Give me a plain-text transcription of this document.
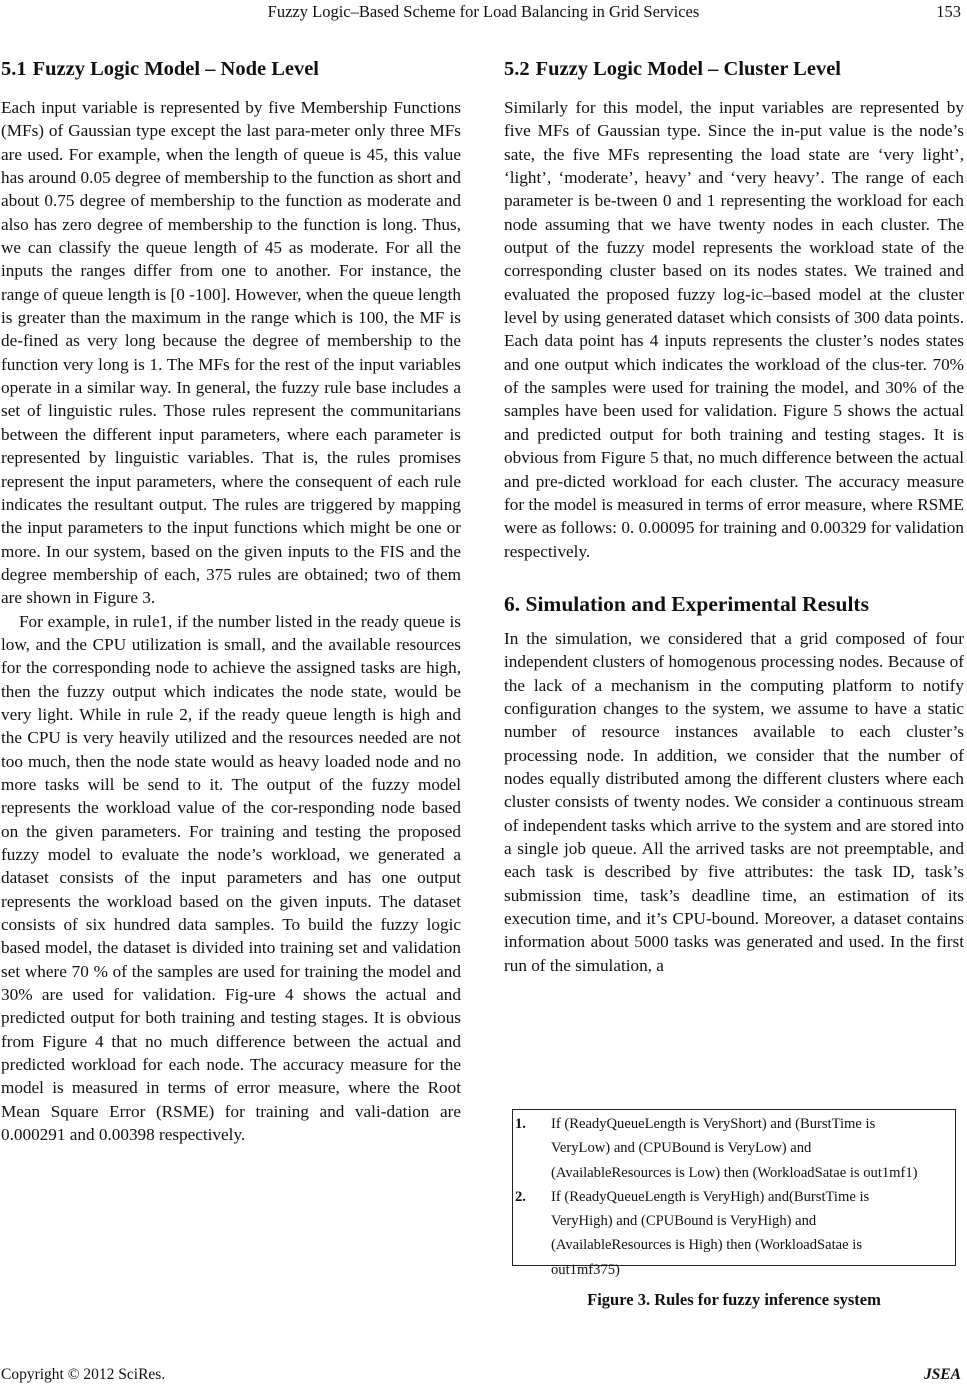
Fuzzy Logic–Based Scheme for Load Balancing in Grid Services	153
5.1 Fuzzy Logic Model – Node Level

Each input variable is represented by five Membership Functions (MFs) of Gaussian type except the last para-meter only three MFs are used. For example, when the length of queue is 45, this value has around 0.05 degree of membership to the function as short and about 0.75 degree of membership to the function as moderate and also has zero degree of membership to the function is long. Thus, we can classify the queue length of 45 as moderate. For all the inputs the ranges differ from one to another. For instance, the range of queue length is [0 -100]. However, when the queue length is greater than the maximum in the range which is 100, the MF is de-fined as very long because the degree of membership to the function very long is 1. The MFs for the rest of the input variables operate in a similar way. In general, the fuzzy rule base includes a set of linguistic rules. Those rules represent the communitarians between the different input parameters, where each parameter is represented by linguistic variables. That is, the rules promises represent the input parameters, where the consequent of each rule indicates the resultant output. The rules are triggered by mapping the input parameters to the input functions which might be one or more. In our system, based on the given inputs to the FIS and the degree membership of each, 375 rules are obtained; two of them are shown in Figure 3.

For example, in rule1, if the number listed in the ready queue is low, and the CPU utilization is small, and the available resources for the corresponding node to achieve the assigned tasks are high, then the fuzzy output which indicates the node state, would be very light. While in rule 2, if the ready queue length is high and the CPU is very heavily utilized and the resources needed are not too much, then the node state would as heavy loaded node and no more tasks will be send to it. The output of the fuzzy model represents the workload value of the cor-responding node based on the given parameters. For training and testing the proposed fuzzy model to evaluate the node’s workload, we generated a dataset consists of the input parameters and has one output represents the workload based on the given inputs. The dataset consists of six hundred data samples. To build the fuzzy logic based model, the dataset is divided into training set and validation set where 70 % of the samples are used for training the model and 30% are used for validation. Fig-ure 4 shows the actual and predicted output for both training and testing stages. It is obvious from Figure 4 that no much difference between the actual and predicted workload for each node. The accuracy measure for the model is measured in terms of error measure, where the Root Mean Square Error (RSME) for training and vali-dation are 0.000291 and 0.00398 respectively.

5.2 Fuzzy Logic Model – Cluster Level

Similarly for this model, the input variables are represented by five MFs of Gaussian type. Since the in-put value is the node’s sate, the five MFs representing the load state are ‘very light’, ‘light’, ‘moderate’, heavy’ and ‘very heavy’. The range of each parameter is be-tween 0 and 1 representing the workload for each node assuming that we have twenty nodes in each cluster. The output of the fuzzy model represents the workload state of the corresponding cluster based on its nodes states. We trained and evaluated the proposed fuzzy log-ic–based model at the cluster level by using generated dataset which consists of 300 data points. Each data point has 4 inputs represents the cluster’s nodes states and one output which indicates the workload of the clus-ter. 70% of the samples were used for training the model, and 30% of the samples have been used for validation. Figure 5 shows the actual and predicted output for both training and testing stages. It is obvious from Figure 5 that, no much difference between the actual and pre-dicted workload for each cluster. The accuracy measure for the model is measured in terms of error measure, where RSME were as follows: 0. 0.00095 for training and 0.00329 for validation respectively.

6. Simulation and Experimental Results

In the simulation, we considered that a grid composed of four independent clusters of homogenous processing nodes. Because of the lack of a mechanism in the computing platform to notify configuration changes to the system, we assume to have a static number of resource instances available to each cluster’s processing node. In addition, we consider that the number of nodes equally distributed among the different clusters where each cluster consists of twenty nodes. We consider a continuous stream of independent tasks which arrive to the system and are stored into a single job queue. All the arrived tasks are not preemptable, and each task is described by five attributes: the task ID, task’s submission time, task’s deadline time, an estimation of its execution time, and it’s CPU-bound. Moreover, a dataset contains information about 5000 tasks was generated and used. In the first run of the simulation, a

1.	If (ReadyQueueLength is VeryShort) and (BurstTime is
VeryLow) and (CPUBound is VeryLow) and
(AvailableResources is Low) then (WorkloadSatae is out1mf1)
2.	If (ReadyQueueLength is VeryHigh) and(BurstTime is
VeryHigh) and (CPUBound is VeryHigh) and
(AvailableResources is High) then (WorkloadSatae is
out1mf375)
Figure 3. Rules for fuzzy inference system
Copyright © 2012 SciRes.	JSEA
